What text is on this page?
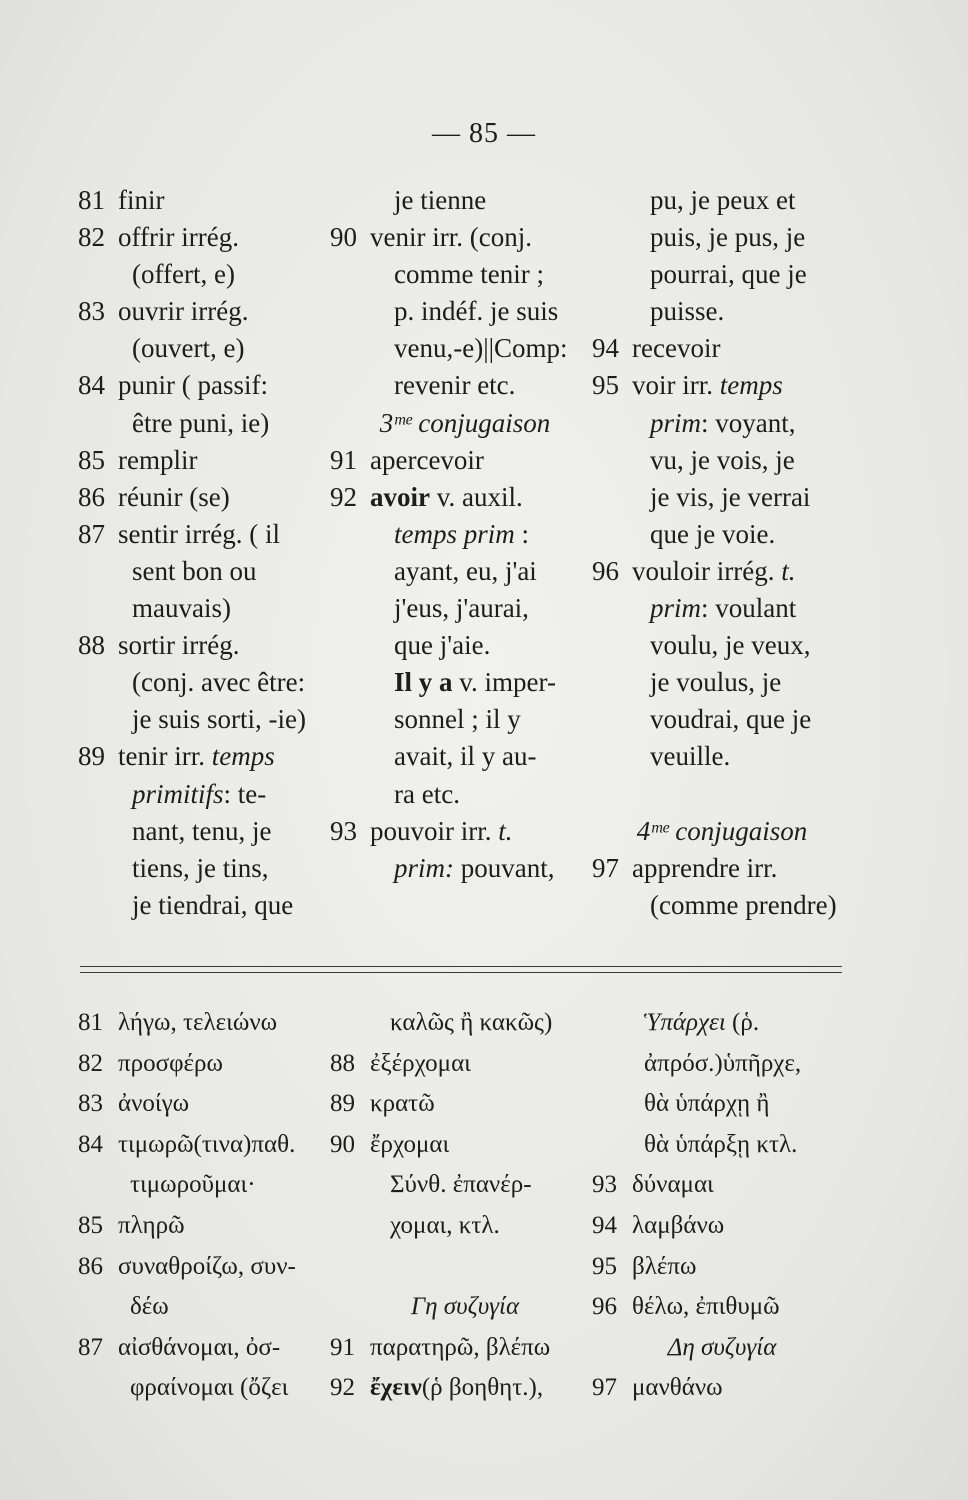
— 85 —
81 finir
82 offrir irrég.
(offert, e)
83 ouvrir irrég.
(ouvert, e)
84 punir ( passif:
être puni, ie)
85 remplir
86 réunir (se)
87 sentir irrég. ( il
sent bon ou
mauvais)
88 sortir irrég.
(conj. avec être:
je suis sorti, -ie)
89 tenir irr. temps
primitifs: te-
nant, tenu, je
tiens, je tins,
je tiendrai, que
je tienne
90 venir irr. (conj.
comme tenir ;
p. indéf. je suis
venu,-e)||Comp:
revenir etc.
3ᵐᵉ conjugaison
91 apercevoir
92 avoir v. auxil.
temps prim :
ayant, eu, j'ai
j'eus, j'aurai,
que j'aie.
Il y a v. imper-
sonnel ; il y
avait, il y au-
ra etc.
93 pouvoir irr. t.
prim: pouvant,
pu, je peux et
puis, je pus, je
pourrai, que je
puisse.
94 recevoir
95 voir irr. temps
prim: voyant,
vu, je vois, je
je vis, je verrai
que je voie.
96 vouloir irrég. t.
prim: voulant
voulu, je veux,
je voulus, je
voudrai, que je
veuille.
4ᵐᵉ conjugaison
97 apprendre irr.
(comme prendre)
81 λήγω, τελειώνω
82 προσφέρω
83 ἀνοίγω
84 τιμωρῶ(τινα)παθ.
τιμωροῦμαι·
85 πληρῶ
86 συναθροίζω, συν-
δέω
87 αἰσθάνομαι, ὀσ-
φραίνομαι (ὄζει
καλῶς ἢ κακῶς)
88 ἐξέρχομαι
89 κρατῶ
90 ἔρχομαι
Σύνθ. ἐπανέρ-
χομαι, κτλ.
Γη συζυγία
91 παρατηρῶ, βλέπω
92 ἔχειν(ῥ βοηθητ.),
Ὑπάρχει (ῥ.
ἀπρόσ.)ὑπῆρχε,
θὰ ὑπάρχῃ ἢ
θὰ ὑπάρξῃ κτλ.
93 δύναμαι
94 λαμβάνω
95 βλέπω
96 θέλω, ἐπιθυμῶ
Δη συζυγία
97 μανθάνω
